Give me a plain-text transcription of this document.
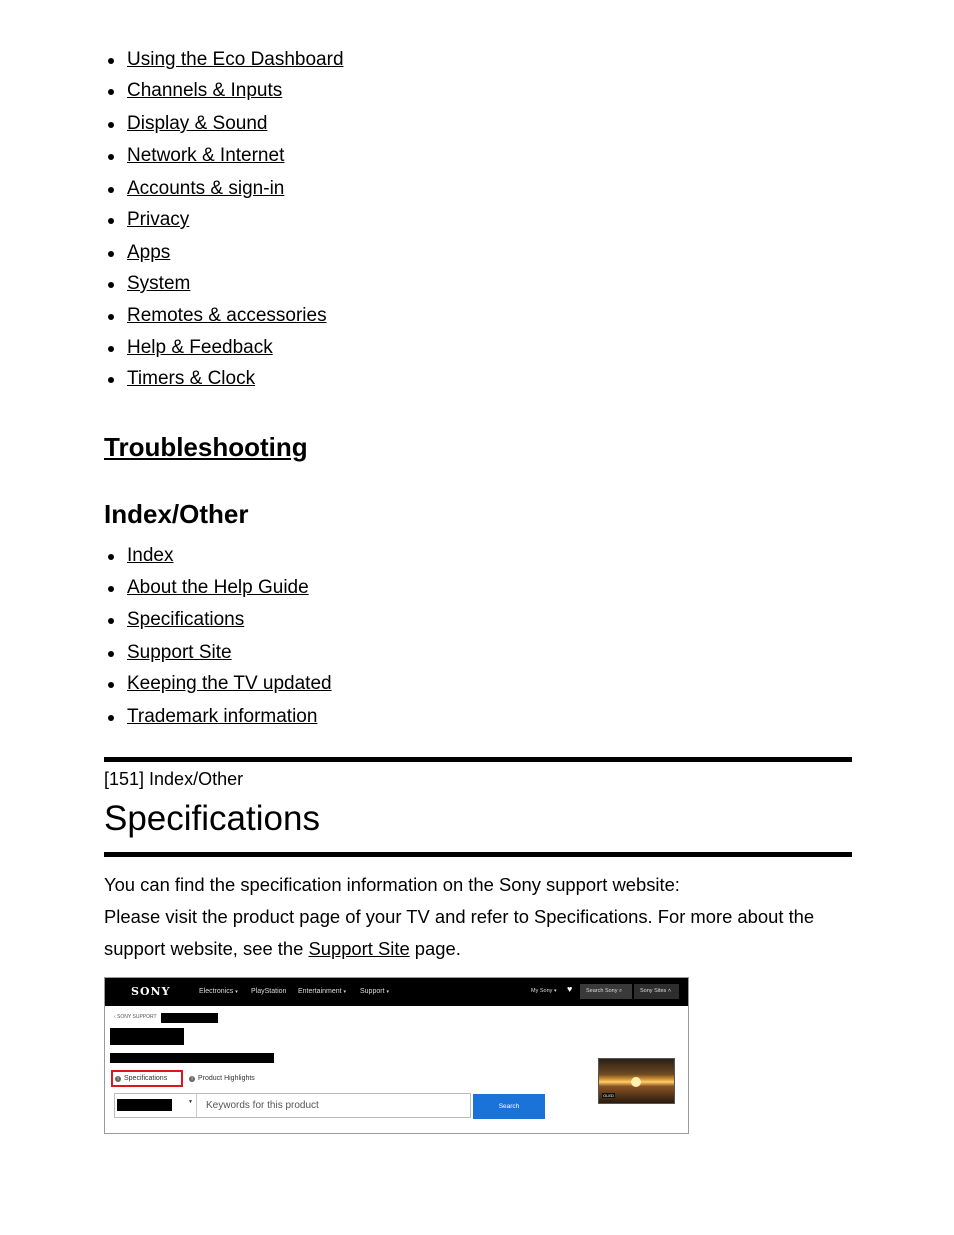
Using the Eco Dashboard
Channels & Inputs
Display & Sound
Network & Internet
Accounts & sign-in
Privacy
Apps
System
Remotes & accessories
Help & Feedback
Timers & Clock
Troubleshooting
Index/Other
Index
About the Help Guide
Specifications
Support Site
Keeping the TV updated
Trademark information
[151] Index/Other
Specifications
You can find the specification information on the Sony support website:
Please visit the product page of your TV and refer to Specifications. For more about the
support website, see the Support Site page.
SONY	Electronics ▾ PlayStation Entertainment ▾ Support ▾	My Sony ▾ ♥	Search Sony ⌕	Sony Sites ˄
‹ SONY SUPPORT
i Specifications	i Product Highlights
▼ Keywords for this product	Search
OLED
